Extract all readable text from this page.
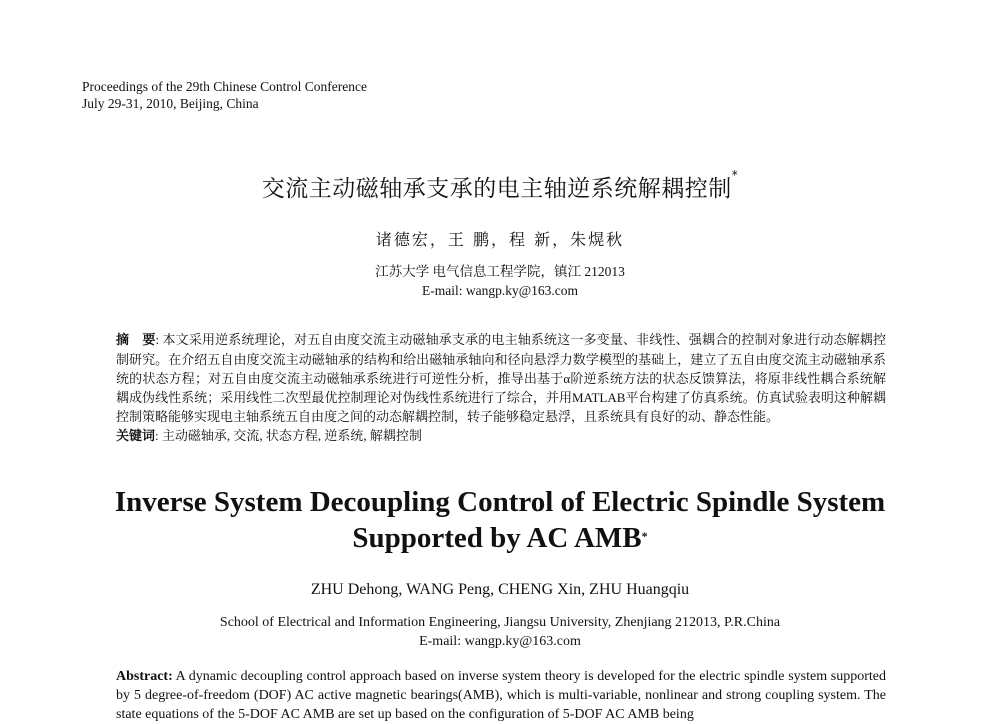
Proceedings of the 29th Chinese Control Conference
July 29-31, 2010, Beijing, China
交流主动磁轴承支承的电主轴逆系统解耦控制*
诸德宏，王 鹏，程 新，朱熀秋
江苏大学 电气信息工程学院，镇江 212013
E-mail: wangp.ky@163.com
摘　要: 本文采用逆系统理论，对五自由度交流主动磁轴承支承的电主轴系统这一多变量、非线性、强耦合的控制对象进行动态解耦控制研究。在介绍五自由度交流主动磁轴承的结构和给出磁轴承轴向和径向悬浮力数学模型的基础上，建立了五自由度交流主动磁轴承系统的状态方程；对五自由度交流主动磁轴承系统进行可逆性分析，推导出基于α阶逆系统方法的状态反馈算法，将原非线性耦合系统解耦成伪线性系统；采用线性二次型最优控制理论对伪线性系统进行了综合，并用MATLAB平台构建了仿真系统。仿真试验表明这种解耦控制策略能够实现电主轴系统五自由度之间的动态解耦控制，转子能够稳定悬浮，且系统具有良好的动、静态性能。
关键词: 主动磁轴承, 交流, 状态方程, 逆系统, 解耦控制
Inverse System Decoupling Control of Electric Spindle System
Supported by AC AMB*
ZHU Dehong, WANG Peng, CHENG Xin, ZHU Huangqiu
School of Electrical and Information Engineering, Jiangsu University, Zhenjiang 212013, P.R.China
E-mail: wangp.ky@163.com
Abstract: A dynamic decoupling control approach based on inverse system theory is developed for the electric spindle system supported by 5 degree-of-freedom (DOF) AC active magnetic bearings(AMB), which is multi-variable, nonlinear and strong coupling system. The state equations of the 5-DOF AC AMB are set up based on the configuration of 5-DOF AC AMB being
